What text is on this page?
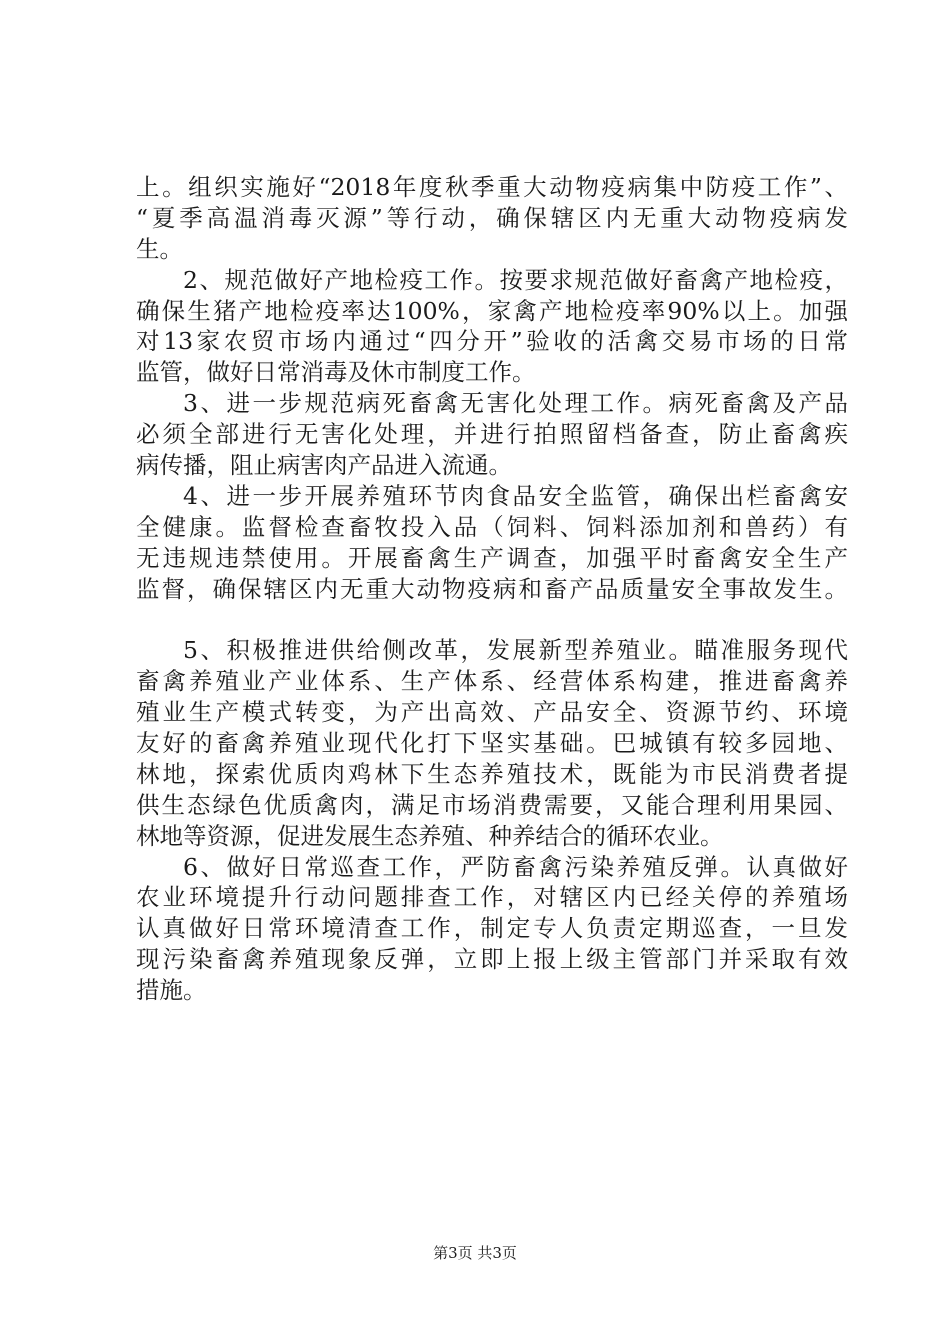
上。组织实施好“2018年度秋季重大动物疫病集中防疫工作”、
“夏季高温消毒灭源”等行动，确保辖区内无重大动物疫病发
生。
2、规范做好产地检疫工作。按要求规范做好畜禽产地检疫，
确保生猪产地检疫率达100%，家禽产地检疫率90%以上。加强
对13家农贸市场内通过“四分开”验收的活禽交易市场的日常
监管，做好日常消毒及休市制度工作。
3、进一步规范病死畜禽无害化处理工作。病死畜禽及产品
必须全部进行无害化处理，并进行拍照留档备查，防止畜禽疾
病传播，阻止病害肉产品进入流通。
4、进一步开展养殖环节肉食品安全监管，确保出栏畜禽安
全健康。监督检查畜牧投入品（饲料、饲料添加剂和兽药）有
无违规违禁使用。开展畜禽生产调查，加强平时畜禽安全生产
监督，确保辖区内无重大动物疫病和畜产品质量安全事故发生。
5、积极推进供给侧改革，发展新型养殖业。瞄准服务现代
畜禽养殖业产业体系、生产体系、经营体系构建，推进畜禽养
殖业生产模式转变，为产出高效、产品安全、资源节约、环境
友好的畜禽养殖业现代化打下坚实基础。巴城镇有较多园地、
林地，探索优质肉鸡林下生态养殖技术，既能为市民消费者提
供生态绿色优质禽肉，满足市场消费需要，又能合理利用果园、
林地等资源，促进发展生态养殖、种养结合的循环农业。
6、做好日常巡查工作，严防畜禽污染养殖反弹。认真做好
农业环境提升行动问题排查工作，对辖区内已经关停的养殖场
认真做好日常环境清查工作，制定专人负责定期巡查，一旦发
现污染畜禽养殖现象反弹，立即上报上级主管部门并采取有效
措施。
第3页 共3页
